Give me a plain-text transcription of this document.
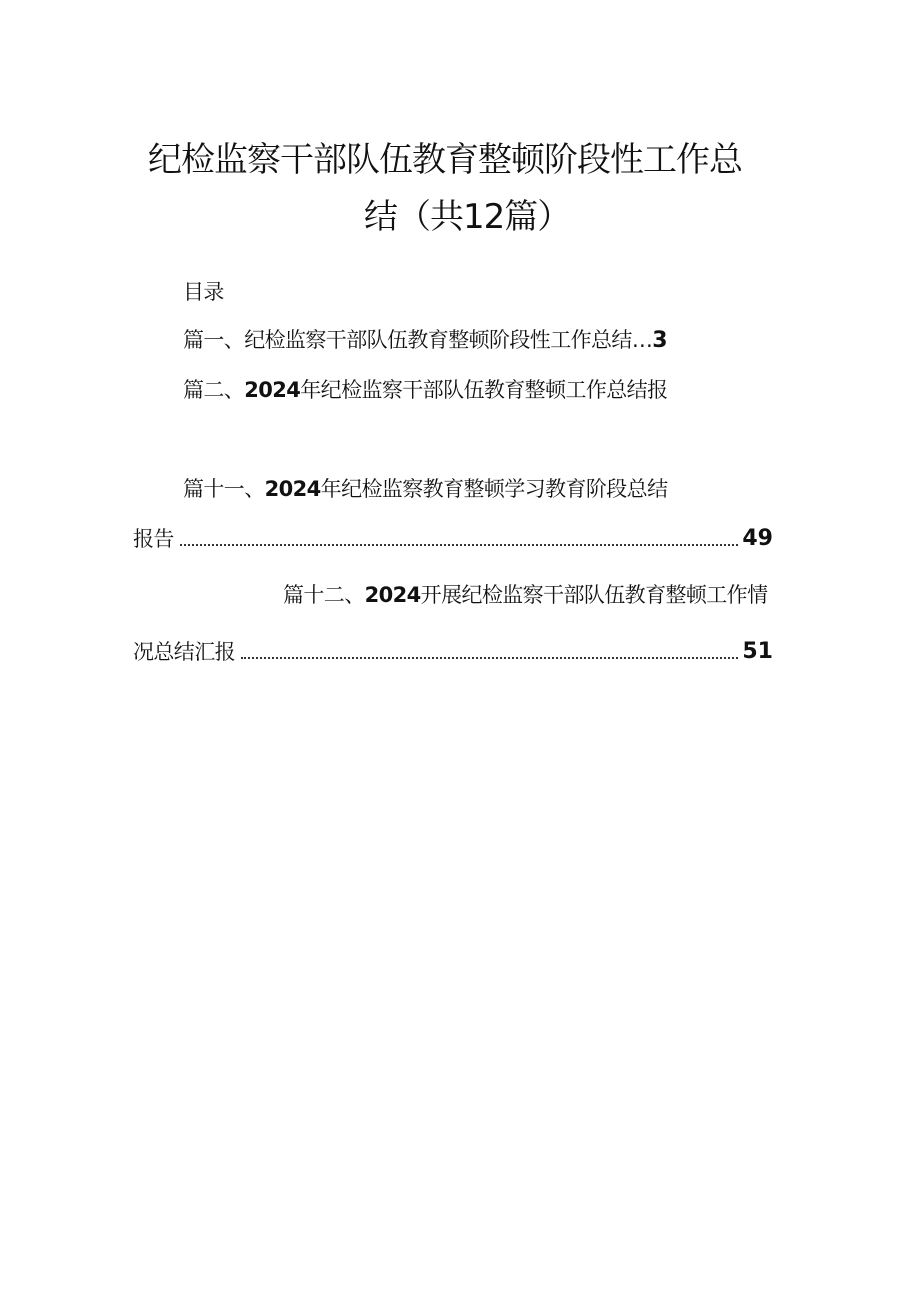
纪检监察干部队伍教育整顿阶段性工作总
结（共12篇）
目录
篇一、纪检监察干部队伍教育整顿阶段性工作总结…3
篇二、2024年纪检监察干部队伍教育整顿工作总结报
篇十一、2024年纪检监察教育整顿学习教育阶段总结
报告	49
篇十二、2024开展纪检监察干部队伍教育整顿工作情
况总结汇报	51
